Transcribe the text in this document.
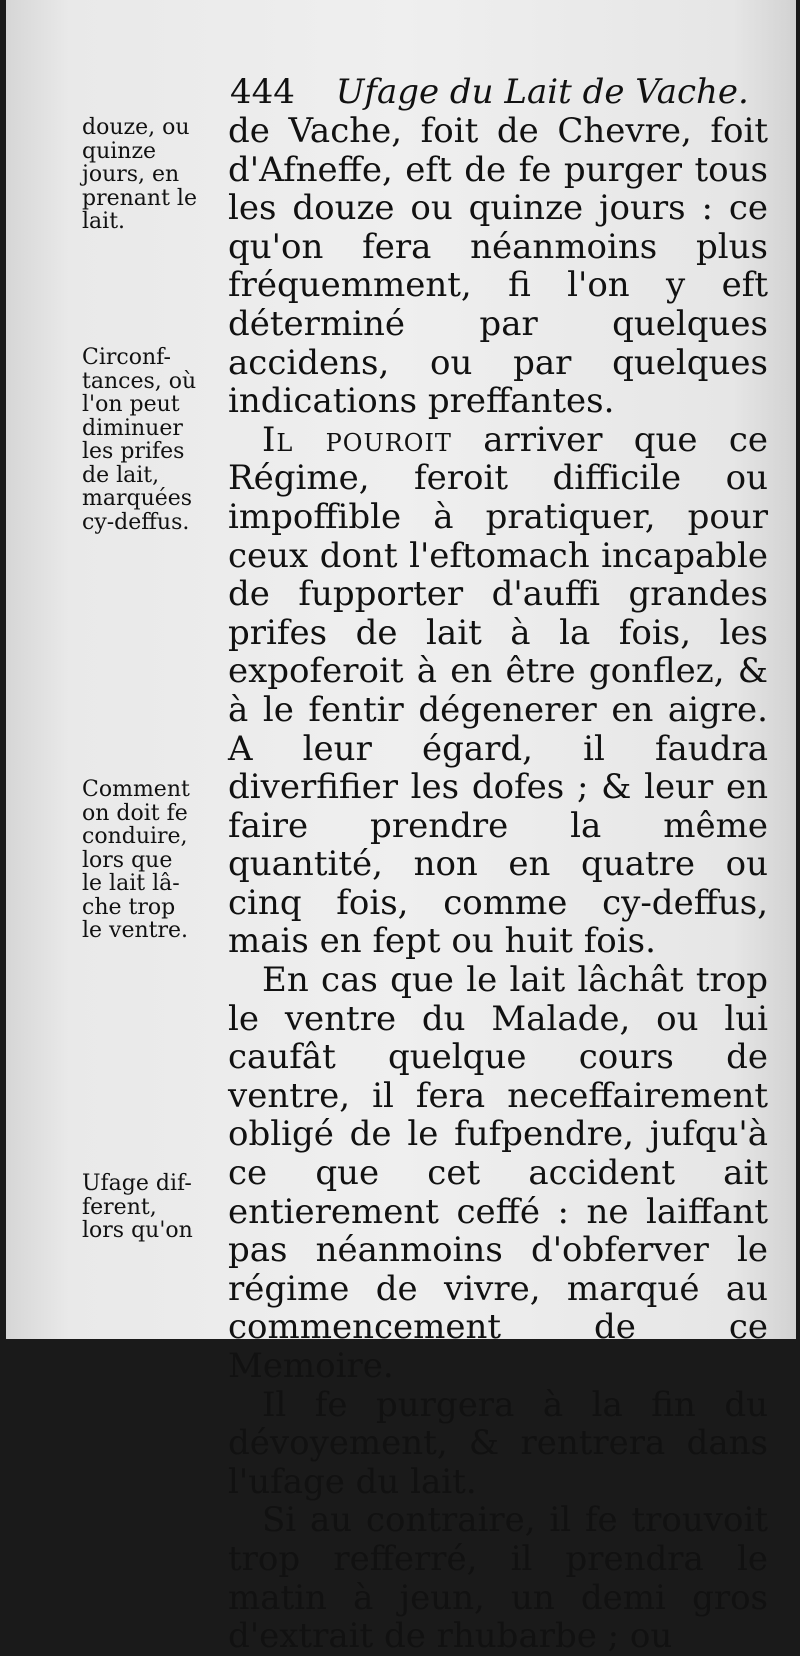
444 Ufage du Lait de Vache.

de Vache, foit de Chevre, foit d'Afneffe, eft de fe purger tous les douze ou quinze jours : ce qu'on fera néanmoins plus fréquemment, fi l'on y eft déterminé par quelques accidens, ou par quelques indications preffantes.

Il pouroit arriver que ce Régime, feroit difficile ou impoffible à pratiquer, pour ceux dont l'eftomach incapable de fupporter d'auffi grandes prifes de lait à la fois, les expoferoit à en être gonflez, & à le fentir dégenerer en aigre. A leur égard, il faudra diverfifier les dofes ; & leur en faire prendre la même quantité, non en quatre ou cinq fois, comme cy-deffus, mais en fept ou huit fois.

En cas que le lait lâchât trop le ventre du Malade, ou lui caufât quelque cours de ventre, il fera neceffairement obligé de le fufpendre, jufqu'à ce que cet accident ait entierement ceffé : ne laiffant pas néanmoins d'obferver le régime de vivre, marqué au commencement de ce Memoire.

Il fe purgera à la fin du dévoyement, & rentrera dans l'ufage du lait.

Si au contraire, il fe trouvoit trop refferré, il prendra le matin à jeun, un demi gros d'extrait de rhubarbe ; ou

douze, ou
quinze
jours, en
prenant le
lait.
Circonf-
tances, où
l'on peut
diminuer
les prifes
de lait,
marquées
cy-deffus.
Comment
on doit fe
conduire,
lors que
le lait lâ-
che trop
le ventre.
Ufage dif-
ferent,
lors qu'on
